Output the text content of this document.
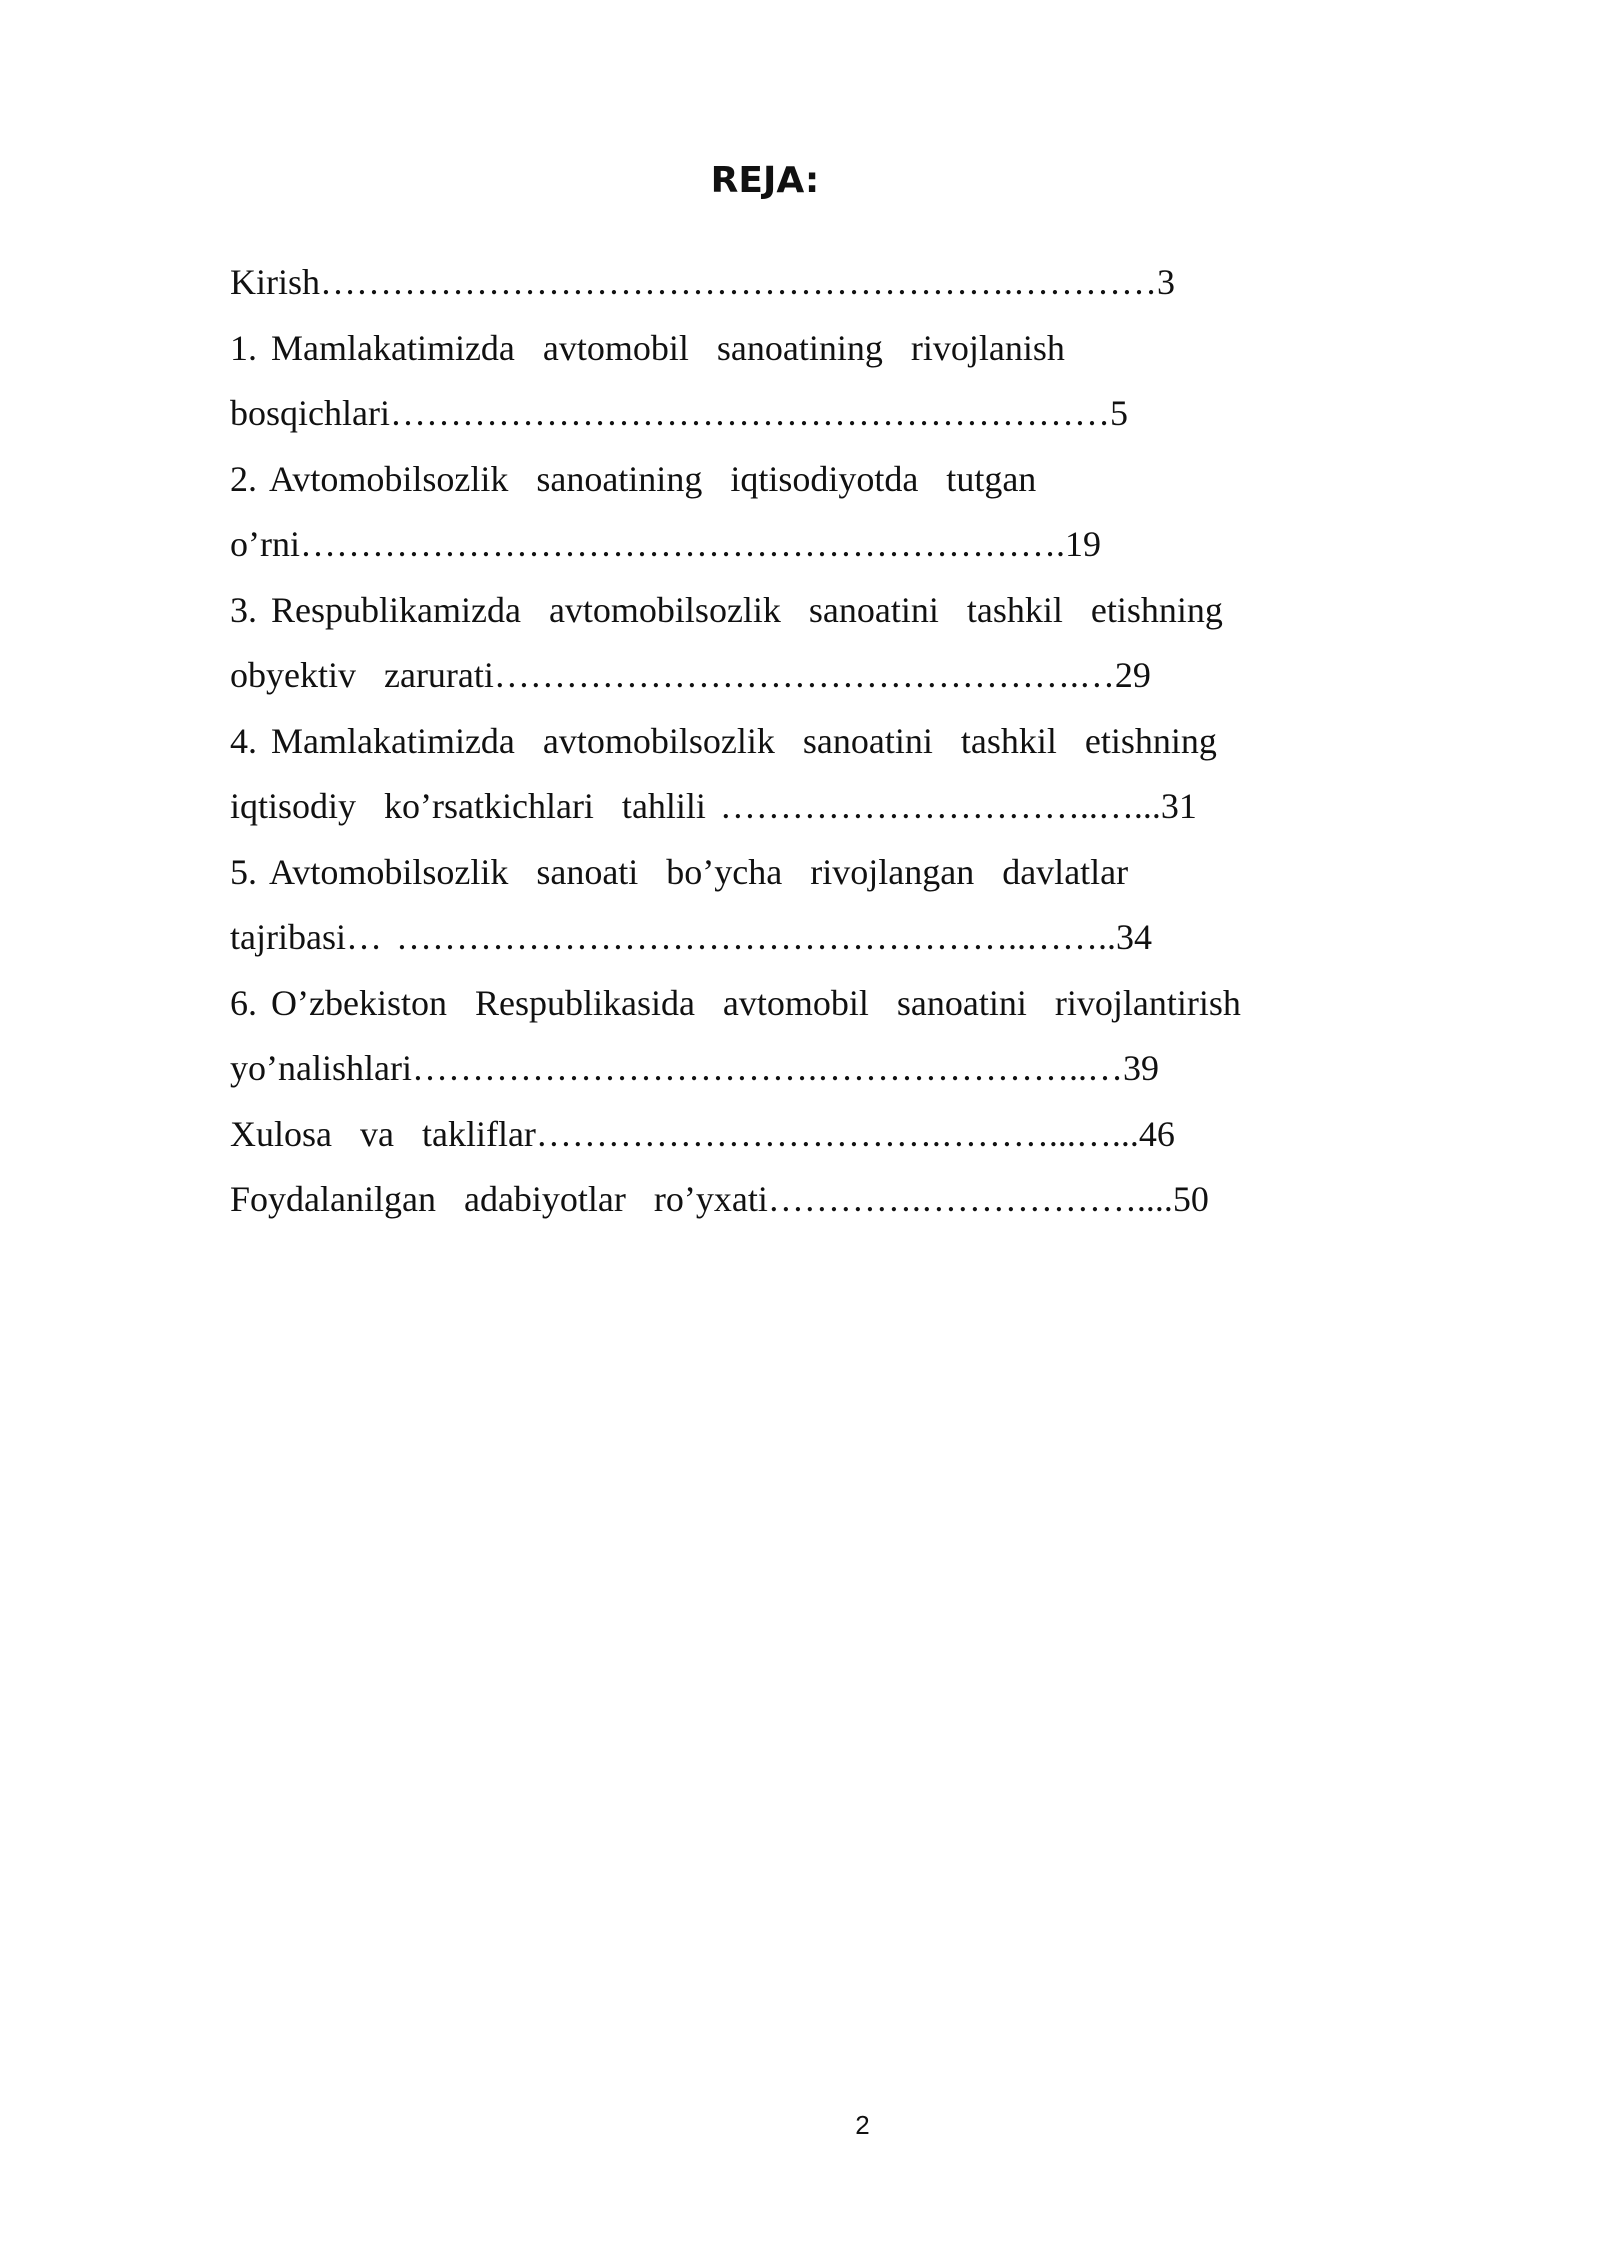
REJA:
Kirish………………………………………………….…………3
1. Mamlakatimizda  avtomobil  sanoatining  rivojlanish
bosqichlari……………………………………………………5
2. Avtomobilsozlik  sanoatining  iqtisodiyotda  tutgan
o’rni……………………………………………………….19
3. Respublikamizda  avtomobilsozlik  sanoatini  tashkil  etishning
obyektiv  zarurati………………………………………….…29
4. Mamlakatimizda  avtomobilsozlik  sanoatini  tashkil  etishning
iqtisodiy  ko’rsatkichlari  tahlili …………………………..…...31
5. Avtomobilsozlik  sanoati  bo’ycha  rivojlangan  davlatlar
tajribasi… ……………………………………………..……..34
6. O’zbekiston  Respublikasida  avtomobil  sanoatini  rivojlantirish
yo’nalishlari…………………………….…………………..…39
Xulosa  va  takliflar…………………………….………...…...46
Foydalanilgan  adabiyotlar  ro’yxati………….………………....50
2
